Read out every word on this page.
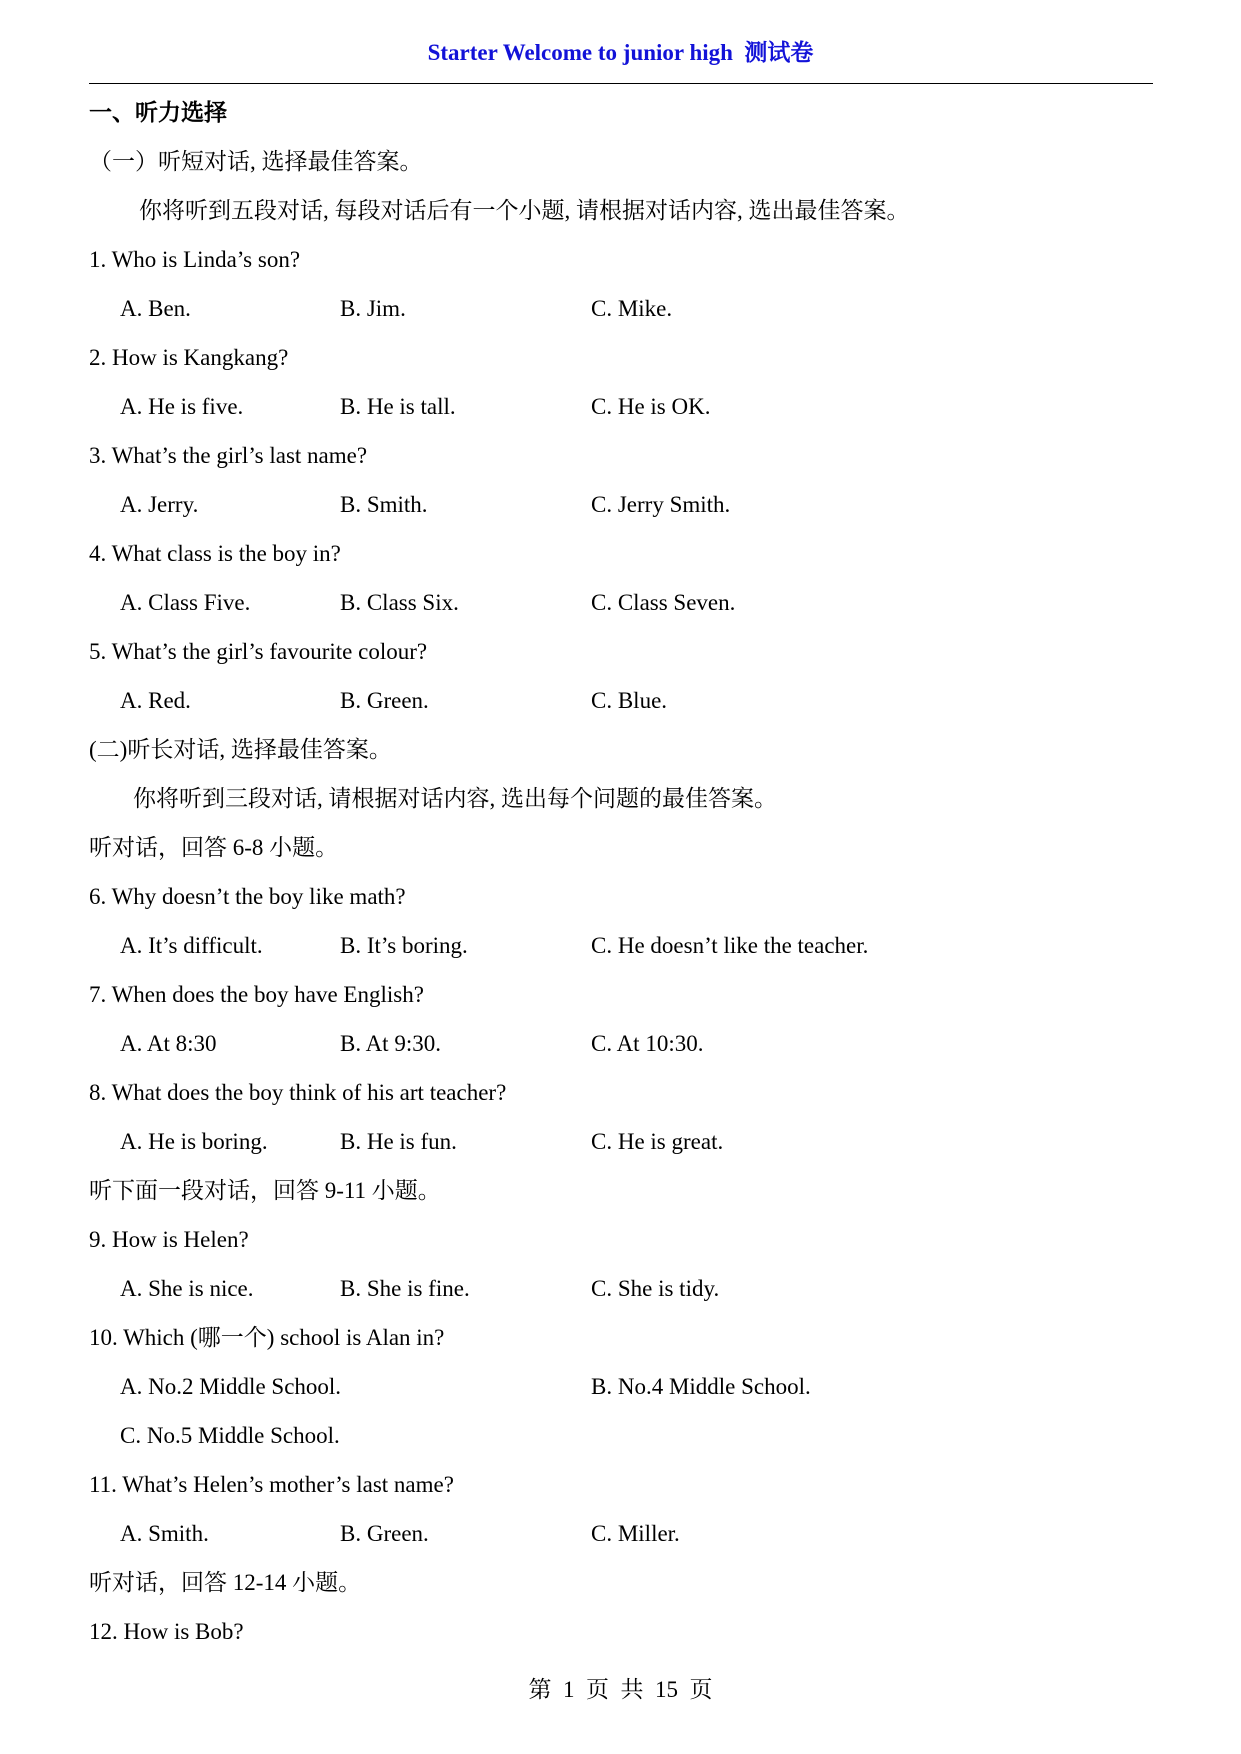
Starter Welcome to junior high  测试卷
一、听力选择
（一）听短对话, 选择最佳答案。
你将听到五段对话, 每段对话后有一个小题, 请根据对话内容, 选出最佳答案。
1. Who is Linda’s son?
A. Ben.	B. Jim.	C. Mike.
2. How is Kangkang?
A. He is five.	B. He is tall.	C. He is OK.
3. What’s the girl’s last name?
A. Jerry.	B. Smith.	C. Jerry Smith.
4. What class is the boy in?
A. Class Five.	B. Class Six.	C. Class Seven.
5. What’s the girl’s favourite colour?
A. Red.	B. Green.	C. Blue.
(二)听长对话, 选择最佳答案。
你将听到三段对话, 请根据对话内容, 选出每个问题的最佳答案。
听对话，回答 6-8 小题。
6. Why doesn’t the boy like math?
A. It’s difficult.	B. It’s boring.	C. He doesn’t like the teacher.
7. When does the boy have English?
A. At 8:30	B. At 9:30.	C. At 10:30.
8. What does the boy think of his art teacher?
A. He is boring.	B. He is fun.	C. He is great.
听下面一段对话，回答 9-11 小题。
9. How is Helen?
A. She is nice.	B. She is fine.	C. She is tidy.
10. Which (哪一个) school is Alan in?
A. No.2 Middle School.	B. No.4 Middle School.
C. No.5 Middle School.
11. What’s Helen’s mother’s last name?
A. Smith.	B. Green.	C. Miller.
听对话，回答 12-14 小题。
12. How is Bob?
第  1  页  共  15  页
